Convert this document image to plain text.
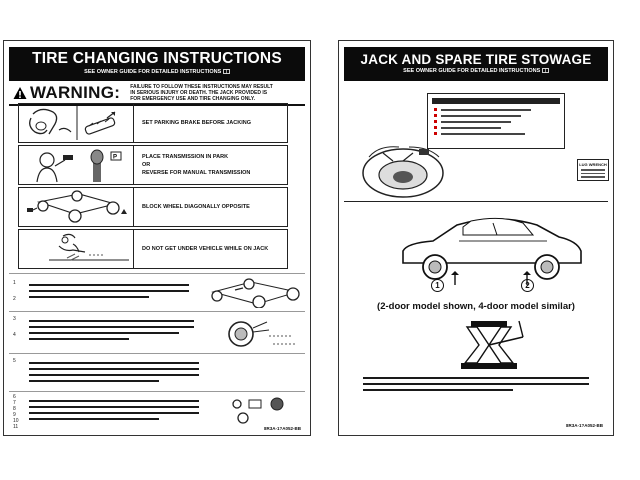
TIRE CHANGING INSTRUCTIONS
SEE OWNER GUIDE FOR DETAILED INSTRUCTIONS
WARNING: FAILURE TO FOLLOW THESE INSTRUCTIONS MAY RESULT
IN SERIOUS INJURY OR DEATH. THE JACK PROVIDED IS
FOR EMERGENCY USE AND TIRE CHANGING ONLY.
SET PARKING BRAKE BEFORE JACKING
P	PLACE TRANSMISSION IN PARK
OR
REVERSE FOR MANUAL TRANSMISSION
BLOCK WHEEL DIAGONALLY OPPOSITE
DO NOT GET UNDER VEHICLE WHILE ON JACK
1
2
3
4
5
6
7
8
9
10
11	8R3A-1?A052-BB
JACK AND SPARE TIRE STOWAGE
SEE OWNER GUIDE FOR DETAILED INSTRUCTIONS
LUG WRENCH
1	2
(2-door model shown, 4-door model similar)
8R3A-1?A052-BB
